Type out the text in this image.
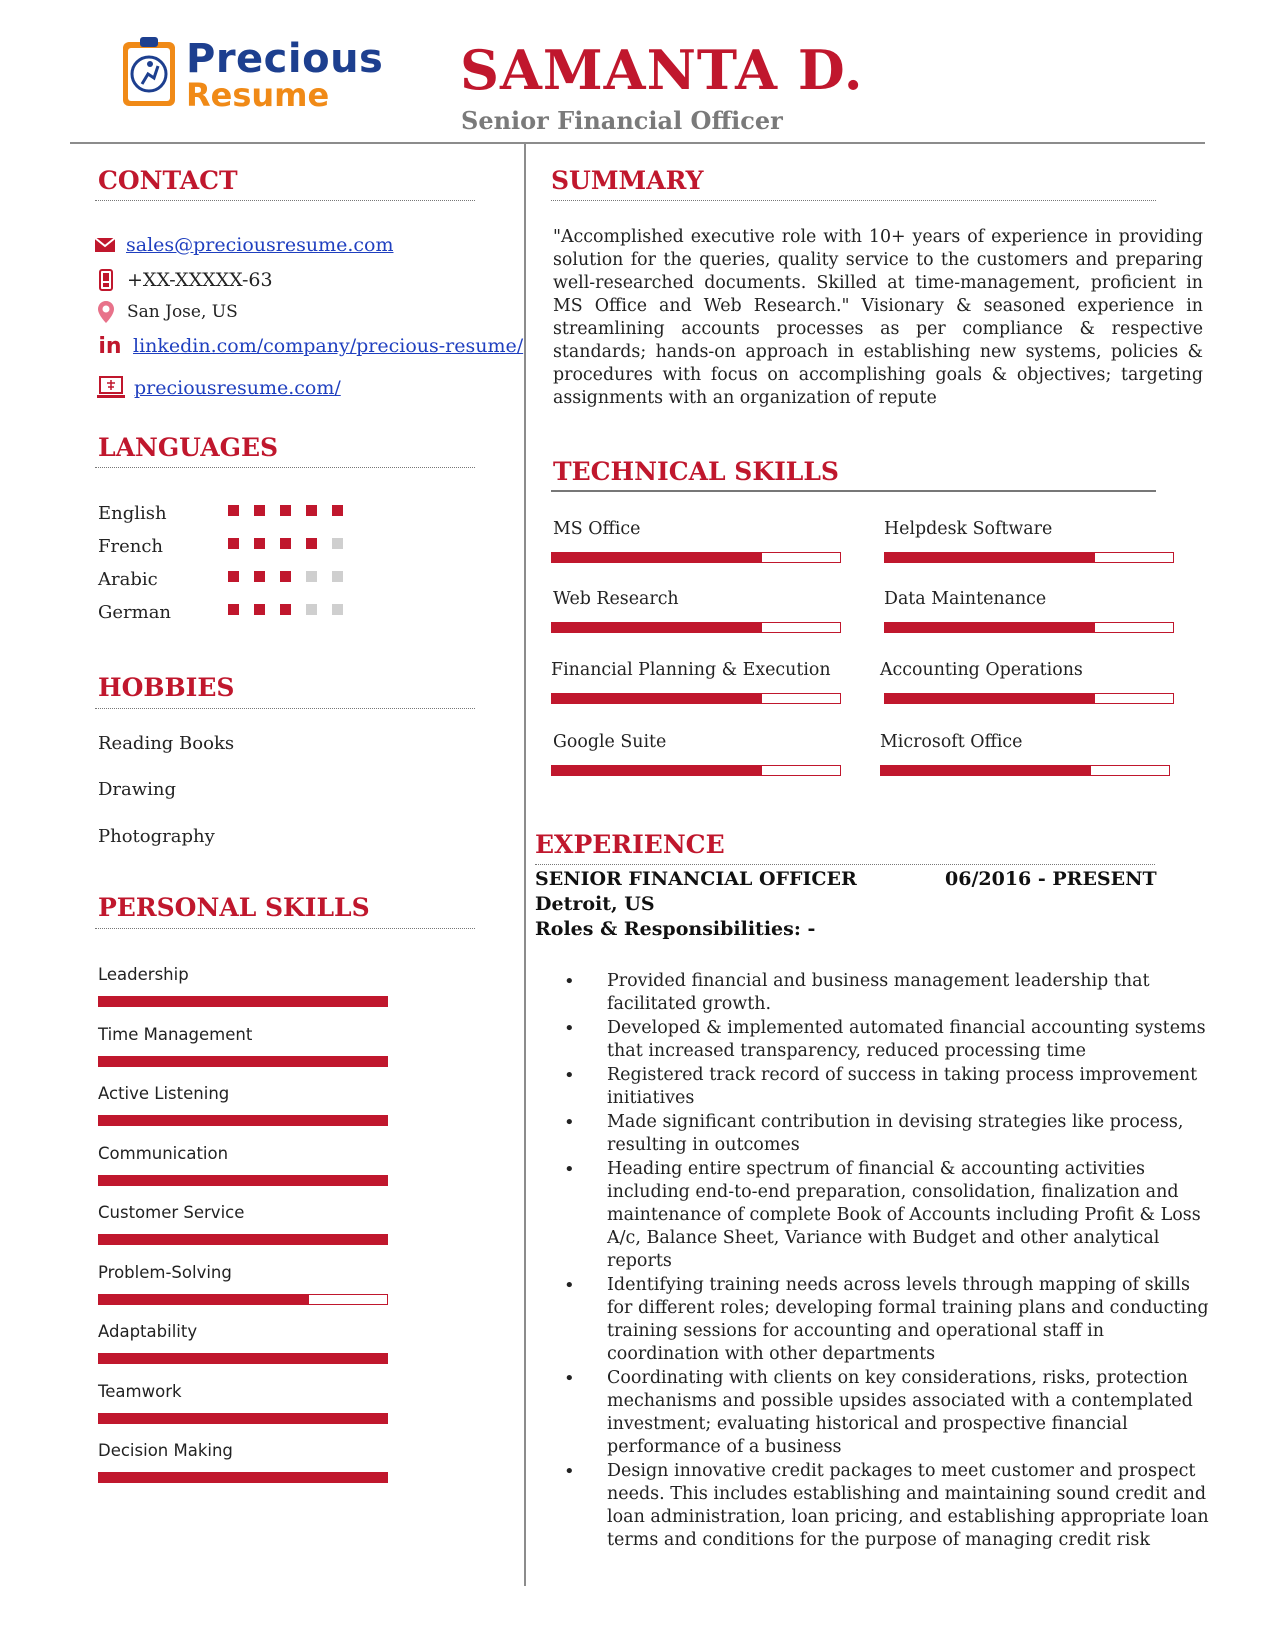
Precious
Resume SAMANTA D.
Senior Financial Officer
CONTACT
sales@preciousresume.com
+XX-XXXXX-63
San Jose, US
in linkedin.com/company/precious-resume/
preciousresume.com/
LANGUAGES
English
French
Arabic
German
HOBBIES
Reading Books
Drawing
Photography
PERSONAL SKILLS
Leadership
Time Management
Active Listening
Communication
Customer Service
Problem-Solving
Adaptability
Teamwork
Decision Making
SUMMARY
"Accomplished executive role with 10+ years of experience in providing solution for the queries, quality service to the customers and preparing well-researched documents. Skilled at time-management, proficient in MS Office and Web Research." Visionary & seasoned experience in streamlining accounts processes as per compliance & respective standards; hands-on approach in establishing new systems, policies & procedures with focus on accomplishing goals & objectives; targeting assignments with an organization of repute
TECHNICAL SKILLS
MS Office	Helpdesk Software
Web Research	Data Maintenance
Financial Planning & Execution	Accounting Operations
Google Suite	Microsoft Office
EXPERIENCE
SENIOR FINANCIAL OFFICER	06/2016 - PRESENT
Detroit, US
Roles & Responsibilities: -
• Provided financial and business management leadership that facilitated growth.
• Developed & implemented automated financial accounting systems that increased transparency, reduced processing time
• Registered track record of success in taking process improvement initiatives
• Made significant contribution in devising strategies like process, resulting in outcomes
• Heading entire spectrum of financial & accounting activities including end-to-end preparation, consolidation, finalization and maintenance of complete Book of Accounts including Profit & Loss A/c, Balance Sheet, Variance with Budget and other analytical reports
• Identifying training needs across levels through mapping of skills for different roles; developing formal training plans and conducting training sessions for accounting and operational staff in coordination with other departments
• Coordinating with clients on key considerations, risks, protection mechanisms and possible upsides associated with a contemplated investment; evaluating historical and prospective financial performance of a business
• Design innovative credit packages to meet customer and prospect needs. This includes establishing and maintaining sound credit and loan administration, loan pricing, and establishing appropriate loan terms and conditions for the purpose of managing credit risk
